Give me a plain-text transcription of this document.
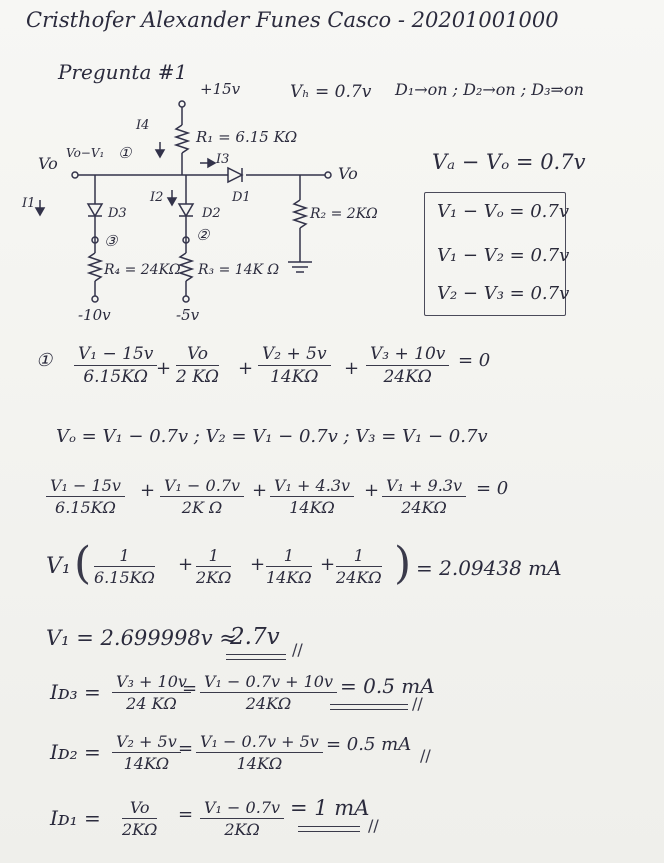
Cristhofer Alexander Funes Casco - 20201001000
Pregunta #1
Vₕ = 0.7v D₁→on ; D₂→on ; D₃⇒on
+15v
R₁ = 6.15 KΩ
R₂ = 2KΩ
R₃ = 14K Ω
R₄ = 24KΩ
-10v	-5v
Vo
Vo
Vo−V₁ ①
②
③
I4
I3
I2
I1	D1
D2
D3
Vₐ − Vₒ = 0.7v
V₁ − Vₒ = 0.7v
V₁ − V₂ = 0.7v
V₂ − V₃ = 0.7v
① $\frac{\text{V₁ − 15v}}{6.15K\Omega}$
+ $\frac{Vo}{2 K\Omega} + \frac{\text{V₂ + 5v}}{14K\Omega} + \frac{\text{V₃ + 10v}}{24K\Omega} = 0$
Vₒ = V₁ − 0.7v ; V₂ = V₁ − 0.7v ; V₃ = V₁ − 0.7v
$\frac{\text{V₁ − 15v}}{6.15K\Omega} + \frac{\text{V₁ − 0.7v}}{\text{2K Ω}} + \frac{\text{V₁ + 4.3v}}{14K\Omega} + \frac{\text{V₁ + 9.3v}}{24K\Omega} = 0$
V₁ ( $\frac{1}{6.15K\Omega} + \frac{1}{2K\Omega} + \frac{1}{14K\Omega} + \frac{1}{24K\Omega}$ ) = 2.09438 mA
V₁ = 2.699998v ≈
2.7v //
Iᴅ₃ = $\frac{\text{V₃ + 10v}}{24 K\Omega}$
= $\frac{\text{V₁ − 0.7v + 10v}}{24K\Omega} = 0.5$ mA
//
Iᴅ₂ = $\frac{\text{V₂ + 5v}}{14K\Omega}$
= $\frac{\text{V₁ − 0.7v + 5v}}{14K\Omega} = 0.5$ mA
//
Iᴅ₁ = $\frac{Vo}{2K\Omega} = \frac{\text{V₁ − 0.7v}}{2K\Omega} = 1$ mA
//
